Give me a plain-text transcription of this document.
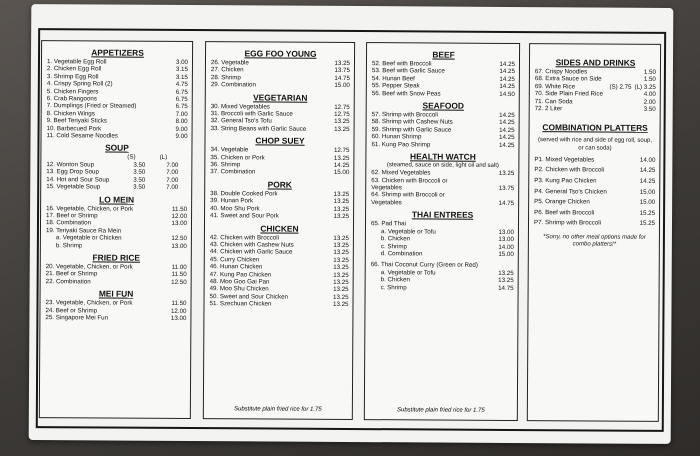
APPETIZERS
1. Vegetable Egg Roll	3.00
2. Chicken Egg Roll	3.15
3. Shrimp Egg Roll	3.15
4. Crispy Spring Roll (2)	4.75
5. Chicken Fingers	6.75
6. Crab Rangoons	6.75
7. Dumplings (Fried or Steamed)	6.75
8. Chicken Wings	7.00
9. Beef Teriyaki Sticks	8.00
10. Barbecued Pork	9.00
11. Cold Sesame Noodles	9.00
SOUP
(S)	(L)
12. Wonton Soup	3.50	7.00
13. Egg Drop Soup	3.50	7.00
14. Hot and Sour Soup	3.50	7.00
15. Vegetable Soup	3.50	7.00
LO MEIN
16. Vegetable, Chicken, or Pork	11.50
17. Beef or Shrimp	12.00
18. Combination	13.00
19. Teriyaki Sauce Ra Mein
a. Vegetable or Chicken	12.50
b. Shrimp	13.00
FRIED RICE
20. Vegetable, Chicken, or Pork	11.00
21. Beef or Shrimp	11.50
22. Combination	12.50
MEI FUN
23. Vegetable, Chicken, or Pork	11.50
24. Beef or Shrimp	12.00
25. Singapore Mei Fun	13.00
EGG FOO YOUNG
26. Vegetable	13.25
27. Chicken	13.75
28. Shrimp	14.75
29. Combination	15.00
VEGETARIAN
30. Mixed Vegetables	12.75
31. Broccoli with Garlic Sauce	12.75
32. General Tso's Tofu	13.25
33. String Beans with Garlic Sauce	13.25
CHOP SUEY
34. Vegetable	12.75
35. Chicken or Pork	13.25
36. Shrimp	14.25
37. Combination	15.00
PORK
38. Double Cooked Pork	13.25
39. Hunan Pork	13.25
40. Moo Shu Pork	13.25
41. Sweet and Sour Pork	13.25
CHICKEN
42. Chicken with Broccoli	13.25
43. Chicken with Cashew Nuts	13.25
44. Chicken with Garlic Sauce	13.25
45. Curry Chicken	13.25
46. Hunan Chicken	13.25
47. Kung Pao Chicken	13.25
48. Moo Goo Gai Pan	13.25
49. Moo Shu Chicken	13.25
50. Sweet and Sour Chicken	13.25
51. Szechuan Chicken	13.25
Substitute plain fried rice for 1.75
BEEF
52. Beef with Broccoli	14.25
53. Beef with Garlic Sauce	14.25
54. Hunan Beef	14.25
55. Pepper Steak	14.25
56. Beef with Snow Peas	14.50
SEAFOOD
57. Shrimp with Broccoli	14.25
58. Shrimp with Cashew Nuts	14.25
59. Shrimp with Garlic Sauce	14.25
60. Hunan Shrimp	14.25
61. Kung Pao Shrimp	14.25
HEALTH WATCH
(steamed, sauce on side, light oil and salt)
62. Mixed Vegetables	13.25
63. Chicken with Broccoli or
Vegetables	13.75
64. Shrimp with Broccoli or
Vegetables	14.75
THAI ENTREES
65. Pad Thai
a. Vegetable or Tofu	13.00
b. Chicken	13.00
c. Shrimp	14.00
d. Combination	15.00
66. Thai Coconut Curry (Green or Red)
a. Vegetable or Tofu	13.25
b. Chicken	13.25
c. Shrimp	14.75
Substitute plain fried rice for 1.75
SIDES AND DRINKS
67. Crispy Noodles	1.50
68. Extra Sauce on Side	1.50
69. White Rice	(S) 2.75 (L) 3.25
70. Side Plain Fried Rice	4.00
71. Can Soda	2.00
72. 2 Liter	3.50
COMBINATION PLATTERS
(served with rice and side of egg roll, soup, or can soda)
P1. Mixed Vegetables	14.00
P2. Chicken with Broccoli	14.25
P3. Kung Pao Chicken	14.25
P4. General Tso's Chicken	15.00
P5. Orange Chicken	15.00
P6. Beef with Broccoli	15.25
P7. Shrimp with Broccoli	15.25
*Sorry, no other meal options made for combo platters!*
